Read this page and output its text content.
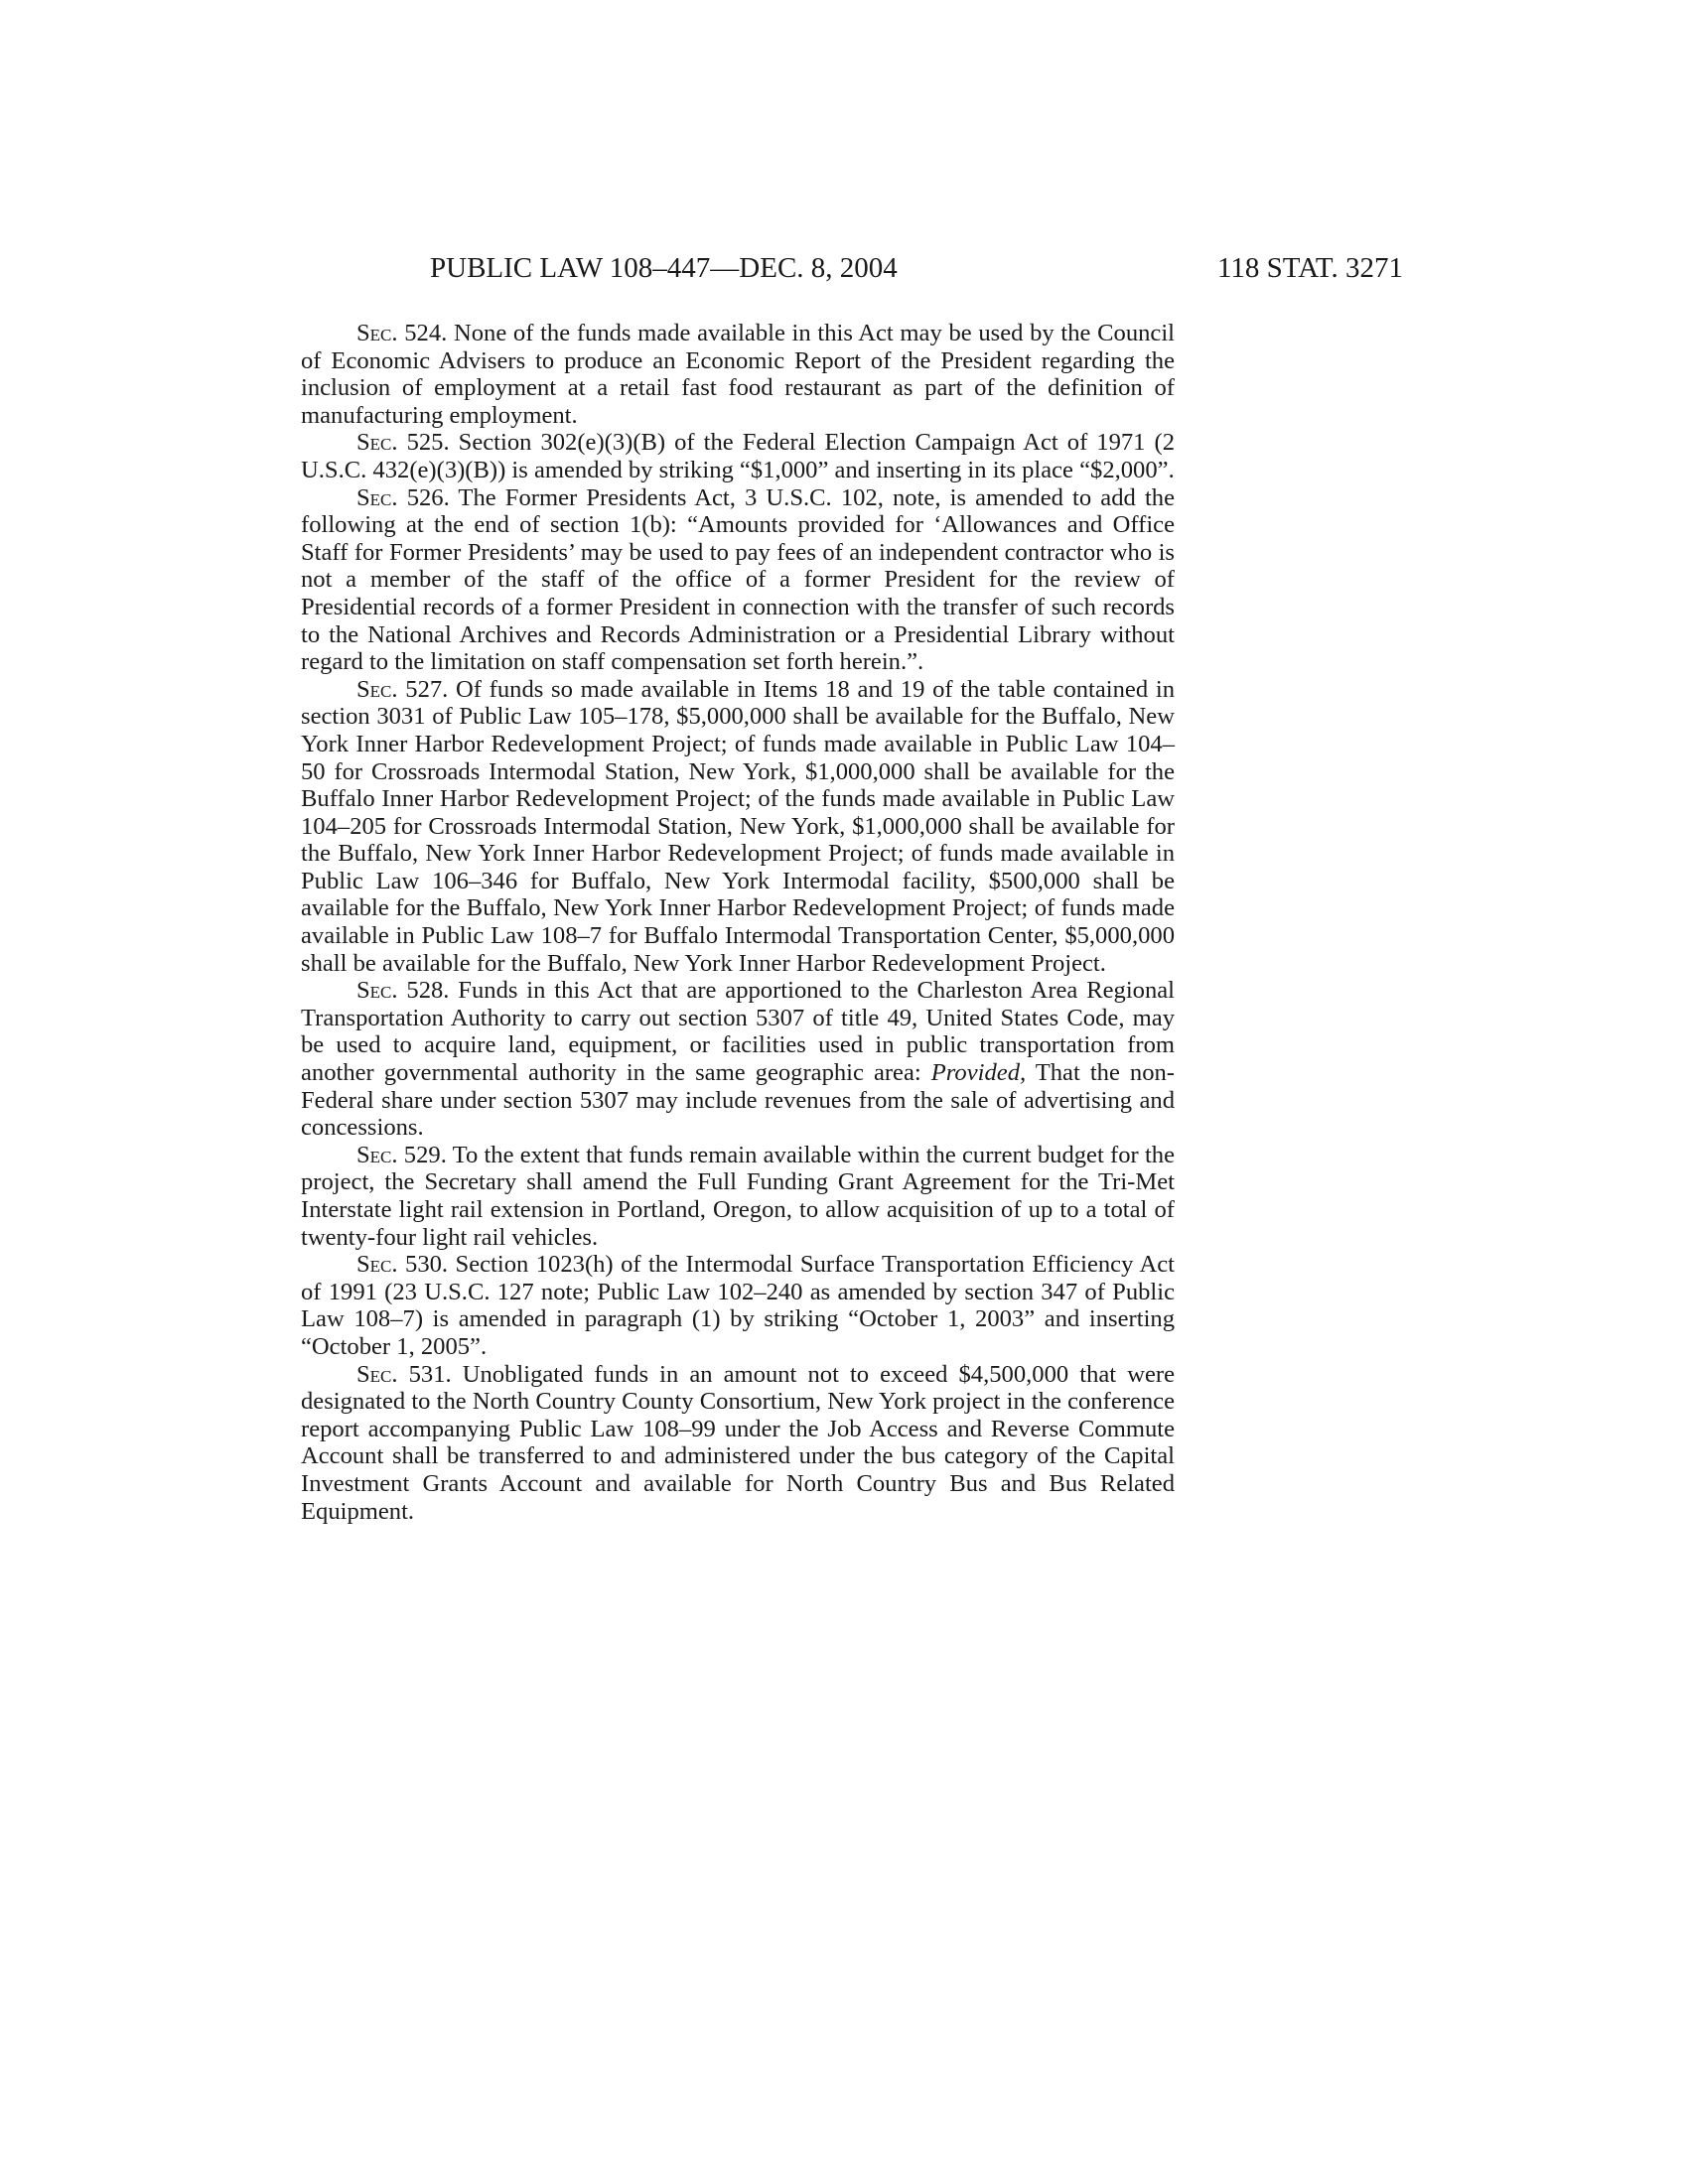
PUBLIC LAW 108–447—DEC. 8, 2004	118 STAT. 3271

Sec. 524. None of the funds made available in this Act may be used by the Council of Economic Advisers to produce an Economic Report of the President regarding the inclusion of employment at a retail fast food restaurant as part of the definition of manufacturing employment.

Sec. 525. Section 302(e)(3)(B) of the Federal Election Campaign Act of 1971 (2 U.S.C. 432(e)(3)(B)) is amended by striking “$1,000” and inserting in its place “$2,000”.

Sec. 526. The Former Presidents Act, 3 U.S.C. 102, note, is amended to add the following at the end of section 1(b): “Amounts provided for ‘Allowances and Office Staff for Former Presidents’ may be used to pay fees of an independent contractor who is not a member of the staff of the office of a former President for the review of Presidential records of a former President in connection with the transfer of such records to the National Archives and Records Administration or a Presidential Library without regard to the limitation on staff compensation set forth herein.”.

Sec. 527. Of funds so made available in Items 18 and 19 of the table contained in section 3031 of Public Law 105–178, $5,000,000 shall be available for the Buffalo, New York Inner Harbor Redevelopment Project; of funds made available in Public Law 104–50 for Crossroads Intermodal Station, New York, $1,000,000 shall be available for the Buffalo Inner Harbor Redevelopment Project; of the funds made available in Public Law 104–205 for Crossroads Intermodal Station, New York, $1,000,000 shall be available for the Buffalo, New York Inner Harbor Redevelopment Project; of funds made available in Public Law 106–346 for Buffalo, New York Intermodal facility, $500,000 shall be available for the Buffalo, New York Inner Harbor Redevelopment Project; of funds made available in Public Law 108–7 for Buffalo Intermodal Transportation Center, $5,000,000 shall be available for the Buffalo, New York Inner Harbor Redevelopment Project.

Sec. 528. Funds in this Act that are apportioned to the Charleston Area Regional Transportation Authority to carry out section 5307 of title 49, United States Code, may be used to acquire land, equipment, or facilities used in public transportation from another governmental authority in the same geographic area: Provided, That the non-Federal share under section 5307 may include revenues from the sale of advertising and concessions.

Sec. 529. To the extent that funds remain available within the current budget for the project, the Secretary shall amend the Full Funding Grant Agreement for the Tri-Met Interstate light rail extension in Portland, Oregon, to allow acquisition of up to a total of twenty-four light rail vehicles.

Sec. 530. Section 1023(h) of the Intermodal Surface Transportation Efficiency Act of 1991 (23 U.S.C. 127 note; Public Law 102–240 as amended by section 347 of Public Law 108–7) is amended in paragraph (1) by striking “October 1, 2003” and inserting “October 1, 2005”.

Sec. 531. Unobligated funds in an amount not to exceed $4,500,000 that were designated to the North Country County Consortium, New York project in the conference report accompanying Public Law 108–99 under the Job Access and Reverse Commute Account shall be transferred to and administered under the bus category of the Capital Investment Grants Account and available for North Country Bus and Bus Related Equipment.
